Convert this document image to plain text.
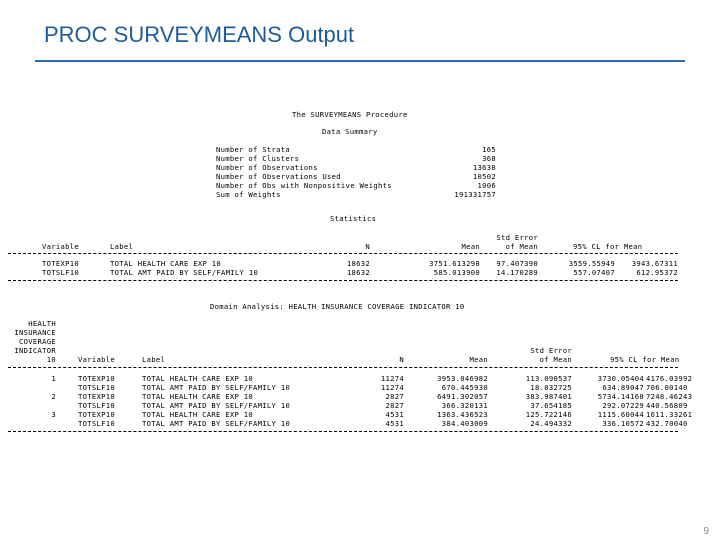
PROC SURVEYMEANS Output
The SURVEYMEANS Procedure
Data Summary
Number of Strata	165
Number of Clusters	368
Number of Observations	13638
Number of Observations Used	10502
Number of Obs with Nonpositive Weights	1006
Sum of Weights	191331757
Statistics
Std Error
Variable	Label	N	Mean	of Mean	95% CL for Mean
TOTEXP10	TOTAL HEALTH CARE EXP 10	18632	3751.613298	97.407390	3559.55949	3943.67311
TOTSLF10	TOTAL AMT PAID BY SELF/FAMILY 10	18632	585.013900	14.170289	557.07407	612.95372
Domain Analysis: HEALTH INSURANCE COVERAGE INDICATOR 10
HEALTH
INSURANCE
COVERAGE
INDICATOR
10
Std Error
Variable	Label	N	Mean	of Mean	95% CL for Mean
1	TOTEXP10	TOTAL HEALTH CARE EXP 10	11274	3953.046982	113.090537	3730.05404 4176.03992
TOTSLF10	TOTAL AMT PAID BY SELF/FAMILY 10	11274	670.445930	18.032725	634.89047 706.00140
2	TOTEXP10	TOTAL HEALTH CARE EXP 10	2827	6491.302057	383.987401	5734.14168 7248.46243
TOTSLF10	TOTAL AMT PAID BY SELF/FAMILY 10	2827	366.320131	37.654185	292.07229 440.56809
3	TOTEXP10	TOTAL HEALTH CARE EXP 10	4531	1363.436523	125.722146	1115.60044 1611.33261
TOTSLF10	TOTAL AMT PAID BY SELF/FAMILY 10	4531	384.403009	24.494332	336.10572 432.70040
9
